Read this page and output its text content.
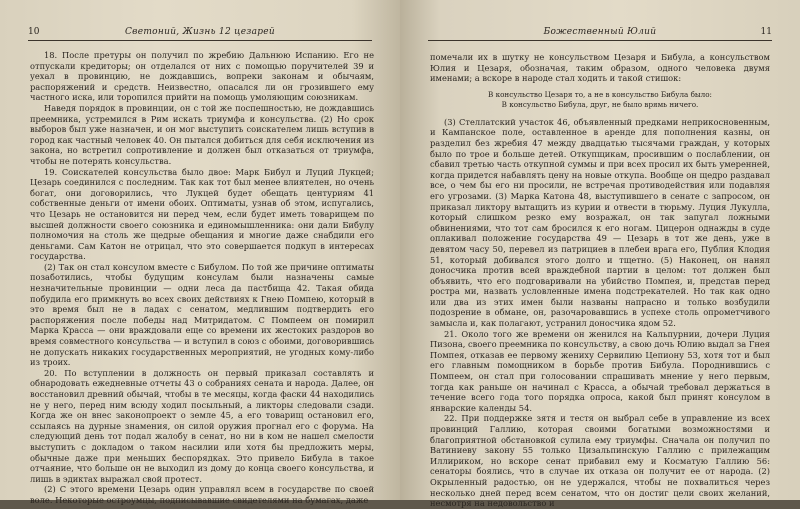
10	Светоний, Жизнь 12 цезарей

18. После претуры он получил по жребию Дальнюю Испанию. Его не отпускали кредиторы; он отделался от них с помощью поручителей 39 и уехал в провинцию, не дождавшись, вопреки законам и обычаям, распоряжений и средств. Неизвестно, опасался ли он грозившего ему частного иска, или торопился прийти на помощь умоляющим союзникам.

Наведя порядок в провинции, он с той же поспешностью, не дождавшись преемника, устремился в Рим искать триумфа и консульства. (2) Но срок выборов был уже назначен, и он мог выступить соискателем лишь вступив в город как частный человек 40. Он пытался добиться для себя исключения из закона, но встретил сопротивление и должен был отказаться от триумфа, чтобы не потерять консульства.

19. Соискателей консульства было двое: Марк Бибул и Луций Лукцей; Цезарь соединился с последним. Так как тот был менее влиятелен, но очень богат, они договорились, что Лукцей будет обещать центуриям 41 собственные деньги от имени обоих. Оптиматы, узнав об этом, испугались, что Цезарь не остановится ни перед чем, если будет иметь товарищем по высшей должности своего союзника и единомышленника: они дали Бибулу полномочия на столь же щедрые обещания и многие даже снабдили его деньгами. Сам Катон не отрицал, что это совершается подкуп в интересах государства.

(2) Так он стал консулом вместе с Бибулом. По той же причине оптиматы позаботились, чтобы будущим консулам были назначены самые незначительные провинции — одни леса да пастбища 42. Такая обида побудила его примкнуть во всех своих действиях к Гнею Помпею, который в это время был не в ладах с сенатом, медлившим подтвердить его распоряжения после победы над Митридатом. С Помпеем он помирил Марка Красса — они враждовали еще со времени их жестоких раздоров во время совместного консульства — и вступил в союз с обоими, договорившись не допускать никаких государственных мероприятий, не угодных кому-либо из троих.

20. По вступлении в должность он первый приказал составлять и обнародовать ежедневные отчеты 43 о собраниях сената и народа. Далее, он восстановил древний обычай, чтобы в те месяцы, когда фаски 44 находились не у него, перед ним всюду ходил посыльный, а ликторы следовали сзади. Когда же он внес законопроект о земле 45, а его товарищ остановил его, ссылаясь на дурные знамения, он силой оружия прогнал его с форума. На следующий день тот подал жалобу в сенат, но ни в ком не нашел смелости выступить с докладом о таком насилии или хотя бы предложить меры, обычные даже при меньших беспорядках. Это привело Бибула в такое отчаяние, что больше он не выходил из дому до конца своего консульства, и лишь в эдиктах выражал свой протест.

(2) С этого времени Цезарь один управлял всем в государстве по своей воле. Некоторые остроумцы, подписывавшие свидетелями на бумагах, даже

Божественный Юлий	11

помечали их в шутку не консульством Цезаря и Бибула, а консульством Юлия и Цезаря, обозначая, таким образом, одного человека двумя именами; а вскоре в народе стал ходить и такой стишок:

В консульство Цезаря то, а не в консульство Бибула было:
В консульство Бибула, друг, не было врямь ничего.

(3) Стеллатский участок 46, объявленный предками неприкосновенным, и Кампанское поле, оставленное в аренде для пополнения казны, он разделил без жребия 47 между двадцатью тысячами граждан, у которых было по трое и больше детей. Откупщикам, просившим о послаблении, он сбавил третью часть откупной суммы и при всех просил их быть умеренней, когда придется набавлять цену на новые откупа. Вообще он щедро раздавал все, о чем бы его ни просили, не встречая противодействия или подавляя его угрозами. (3) Марка Катона 48, выступившего в сенате с запросом, он приказал ликтору вытащить из курии и отвести в тюрьму. Луция Лукулла, который слишком резко ему возражал, он так запугал ложными обвинениями, что тот сам бросился к его ногам. Цицерон однажды в суде оплакивал положение государства 49 — Цезарь в тот же день, уже в девятом часу 50, перевел из патрициев в плебеи врага его, Публия Клодия 51, который добивался этого долго и тщетно. (5) Наконец, он нанял доносчика против всей враждебной партии в целом: тот должен был объявить, что его подговаривали на убийство Помпея, и, представ перед ростра ми, назвать условленные имена подстрекателей. Но так как одно или два из этих имен были названы напрасно и только возбудили подозрение в обмане, он, разочаровавшись в успехе столь опрометчивого замысла и, как полагают, устранил доносчика ядом 52.

21. Около того же времени он женился на Кальпурнии, дочери Луция Пизона, своего преемника по консульству, а свою дочь Юлию выдал за Гнея Помпея, отказав ее первому жениху Сервилию Цепиону 53, хотя тот и был его главным помощником в борьбе против Бибула. Породнившись с Помпеем, он стал при голосовании спрашивать мнение у него первым, тогда как раньше он начинал с Красса, а обычай требовал держаться в течение всего года того порядка опроса, какой был принят консулом в январские календы 54.

22. При поддержке зятя и тестя он выбрал себе в управление из всех провинций Галлию, которая своими богатыми возможностями и благоприятной обстановкой сулила ему триумфы. Сначала он получил по Ватиниеву закону 55 только Цизальпинскую Галлию с прилежащим Иллириком, но вскоре сенат прибавил ему и Косматую Галлию 56: сенаторы боялись, что в случае их отказа он получит ее от народа. (2) Окрыленный радостью, он не удержался, чтобы не похвалиться через несколько дней перед всем сенатом, что он достиг цели своих желаний, несмотря на недовольство и
